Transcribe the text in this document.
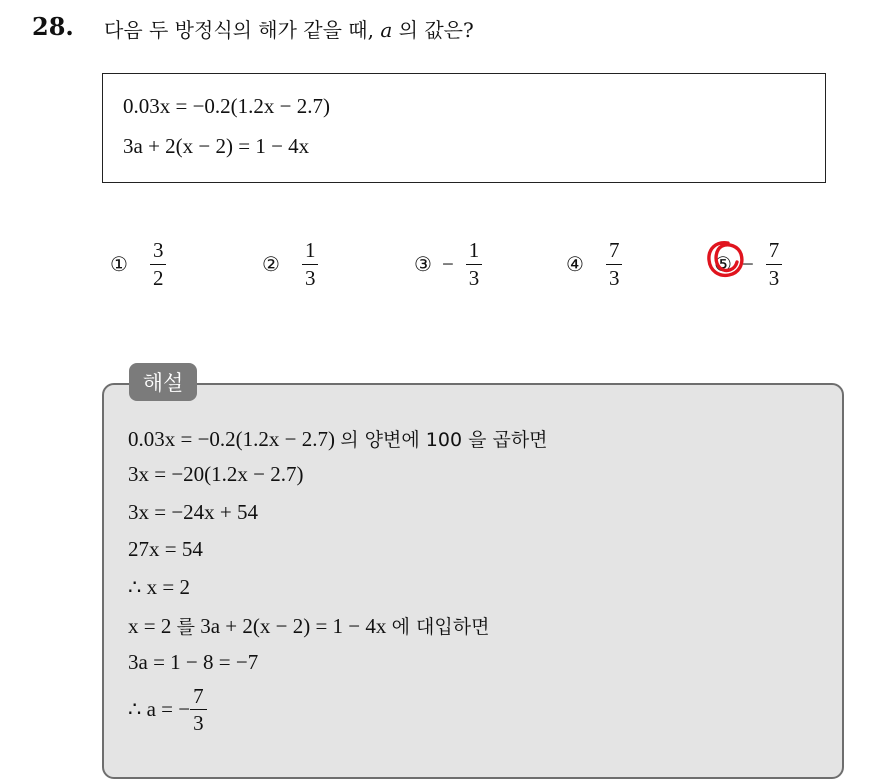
28. 다음 두 방정식의 해가 같을 때, a 의 값은?
0.03x = −0.2(1.2x − 2.7)
3a + 2(x − 2) = 1 − 4x
① $\frac{3}{2}$	② $\frac{1}{3}$	③ − $\frac{1}{3}$	④ $\frac{7}{3}$	⑤ − $\frac{7}{3}$
0.03x = −0.2(1.2x − 2.7) 의 양변에 100 을 곱하면
3x = −20(1.2x − 2.7)
3x = −24x + 54
27x = 54
∴ x = 2
x = 2 를 3a + 2(x − 2) = 1 − 4x 에 대입하면
3a = 1 − 8 = −7
∴ a = − $\frac{7}{3}$
해설
